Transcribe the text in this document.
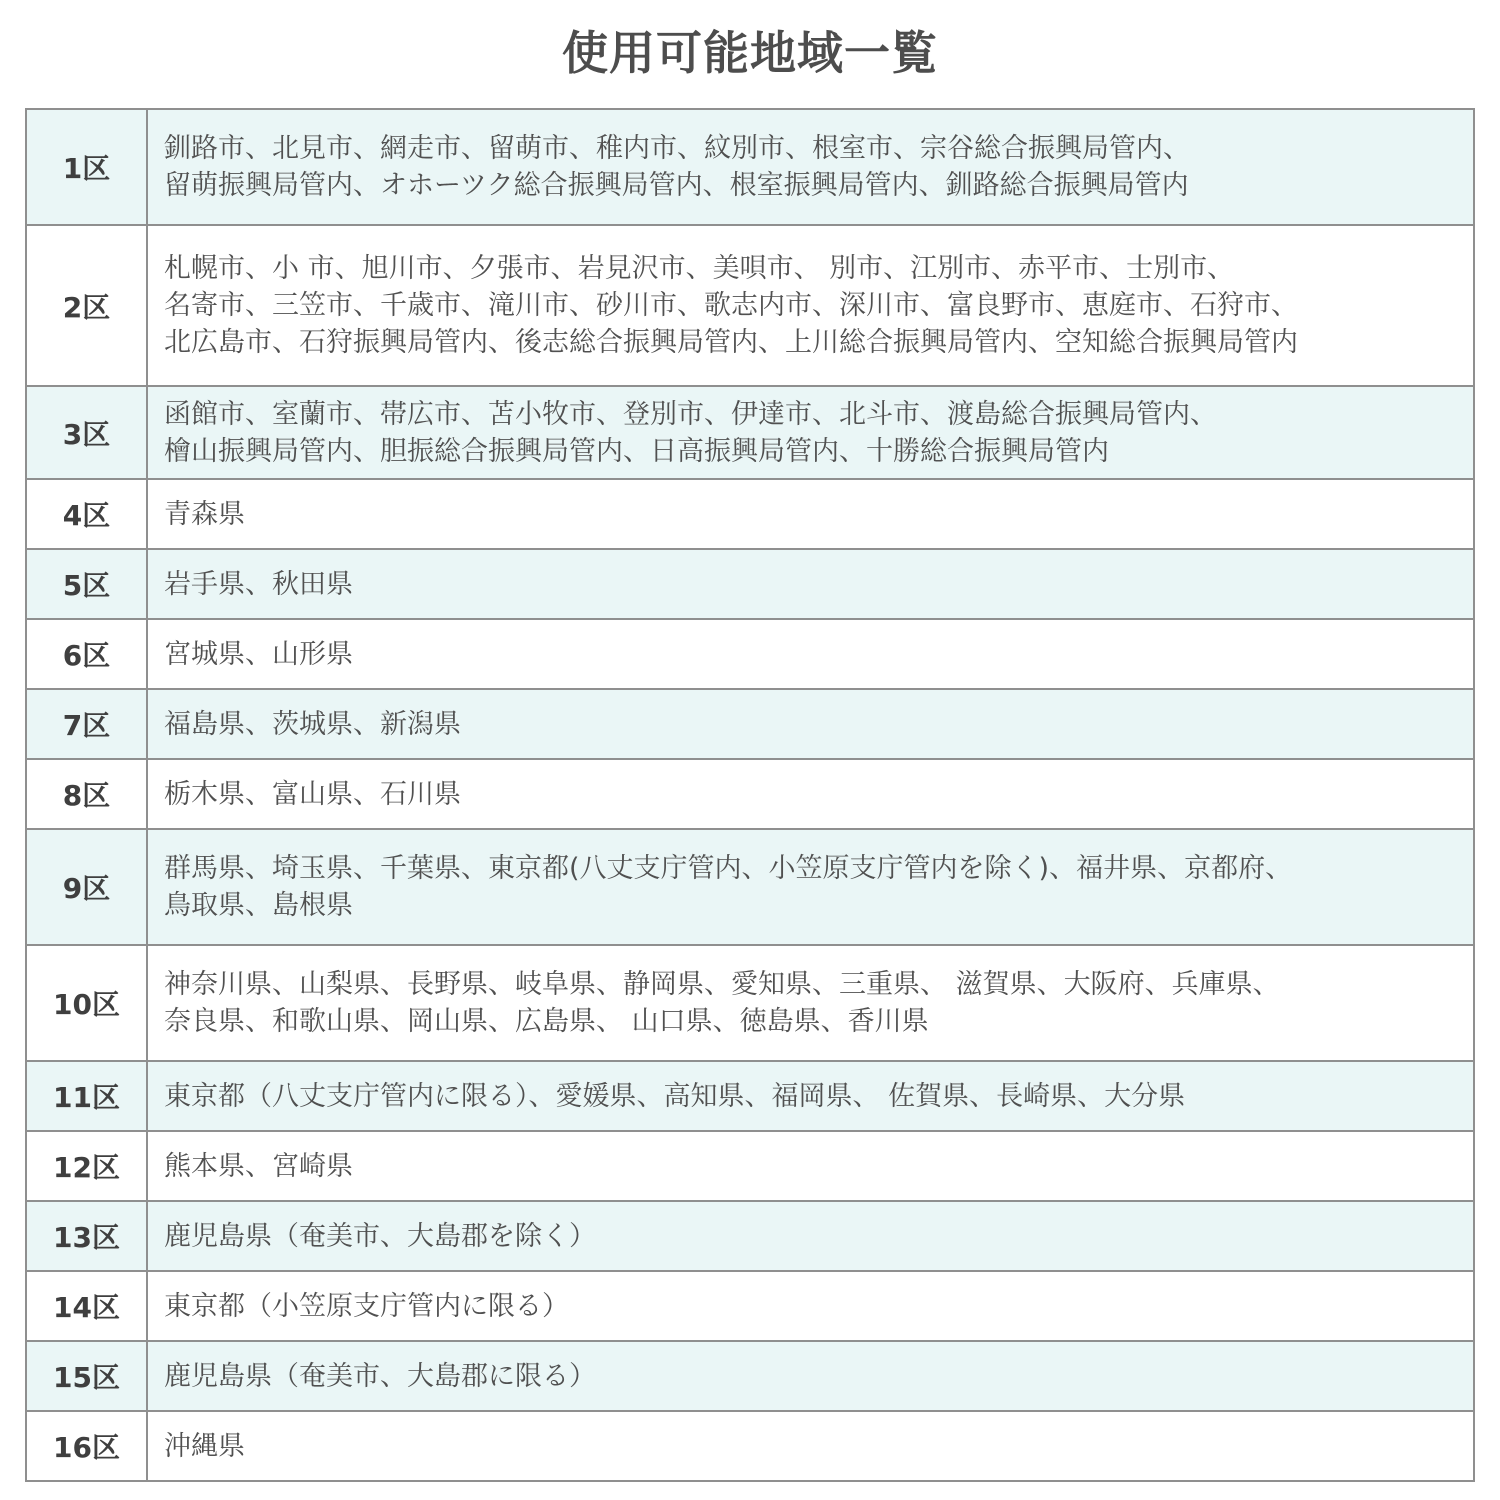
使用可能地域一覧
1区	釧路市、北見市、網走市、留萌市、稚内市、紋別市、根室市、宗谷総合振興局管内、
留萌振興局管内、オホーツク総合振興局管内、根室振興局管内、釧路総合振興局管内
2区	札幌市、小 市、旭川市、夕張市、岩見沢市、美唄市、 別市、江別市、赤平市、士別市、
名寄市、三笠市、千歳市、滝川市、砂川市、歌志内市、深川市、富良野市、恵庭市、石狩市、
北広島市、石狩振興局管内、後志総合振興局管内、上川総合振興局管内、空知総合振興局管内
3区	函館市、室蘭市、帯広市、苫小牧市、登別市、伊達市、北斗市、渡島総合振興局管内、
檜山振興局管内、胆振総合振興局管内、日高振興局管内、十勝総合振興局管内
4区	青森県
5区	岩手県、秋田県
6区	宮城県、山形県
7区	福島県、茨城県、新潟県
8区	栃木県、富山県、石川県
9区	群馬県、埼玉県、千葉県、東京都(八丈支庁管内、小笠原支庁管内を除く)、福井県、京都府、
鳥取県、島根県
10区	神奈川県、山梨県、長野県、岐阜県、静岡県、愛知県、三重県、 滋賀県、大阪府、兵庫県、
奈良県、和歌山県、岡山県、広島県、 山口県、徳島県、香川県
11区	東京都（八丈支庁管内に限る）、愛媛県、高知県、福岡県、 佐賀県、長崎県、大分県
12区	熊本県、宮崎県
13区	鹿児島県（奄美市、大島郡を除く）
14区	東京都（小笠原支庁管内に限る）
15区	鹿児島県（奄美市、大島郡に限る）
16区	沖縄県
